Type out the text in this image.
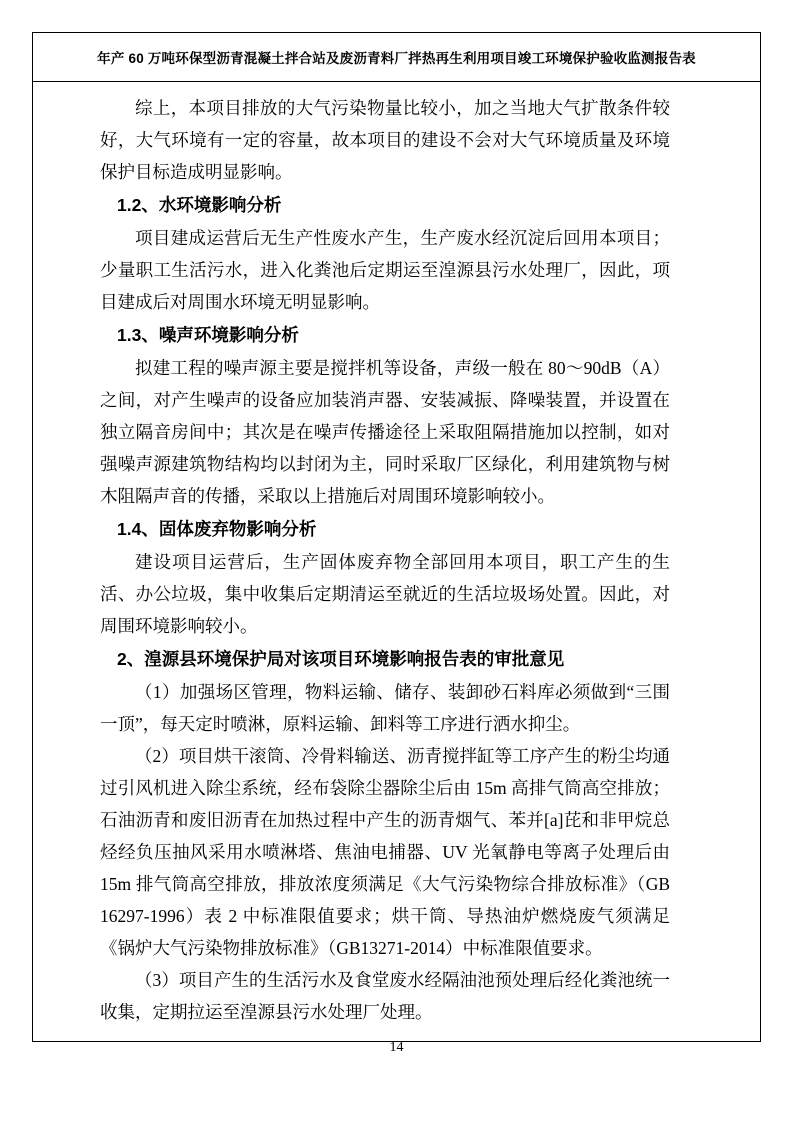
年产 60 万吨环保型沥青混凝土拌合站及废沥青料厂拌热再生利用项目竣工环境保护验收监测报告表

综上，本项目排放的大气污染物量比较小，加之当地大气扩散条件较好，大气环境有一定的容量，故本项目的建设不会对大气环境质量及环境保护目标造成明显影响。

1.2、水环境影响分析

项目建成运营后无生产性废水产生，生产废水经沉淀后回用本项目；少量职工生活污水，进入化粪池后定期运至湟源县污水处理厂，因此，项目建成后对周围水环境无明显影响。

1.3、噪声环境影响分析

拟建工程的噪声源主要是搅拌机等设备，声级一般在 80～90dB（A）之间，对产生噪声的设备应加装消声器、安装减振、降噪装置，并设置在独立隔音房间中；其次是在噪声传播途径上采取阻隔措施加以控制，如对强噪声源建筑物结构均以封闭为主，同时采取厂区绿化，利用建筑物与树木阻隔声音的传播，采取以上措施后对周围环境影响较小。

1.4、固体废弃物影响分析

建设项目运营后，生产固体废弃物全部回用本项目，职工产生的生活、办公垃圾，集中收集后定期清运至就近的生活垃圾场处置。因此，对周围环境影响较小。

2、湟源县环境保护局对该项目环境影响报告表的审批意见

（1）加强场区管理，物料运输、储存、装卸砂石料库必须做到“三围一顶”，每天定时喷淋，原料运输、卸料等工序进行洒水抑尘。

（2）项目烘干滚筒、冷骨料输送、沥青搅拌缸等工序产生的粉尘均通过引风机进入除尘系统，经布袋除尘器除尘后由 15m 高排气筒高空排放；石油沥青和废旧沥青在加热过程中产生的沥青烟气、苯并[a]芘和非甲烷总烃经负压抽风采用水喷淋塔、焦油电捕器、UV 光氧静电等离子处理后由 15m 排气筒高空排放，排放浓度须满足《大气污染物综合排放标准》（GB 16297-1996）表 2 中标准限值要求；烘干筒、导热油炉燃烧废气须满足《锅炉大气污染物排放标准》（GB13271-2014）中标准限值要求。

（3）项目产生的生活污水及食堂废水经隔油池预处理后经化粪池统一收集，定期拉运至湟源县污水处理厂处理。

14
